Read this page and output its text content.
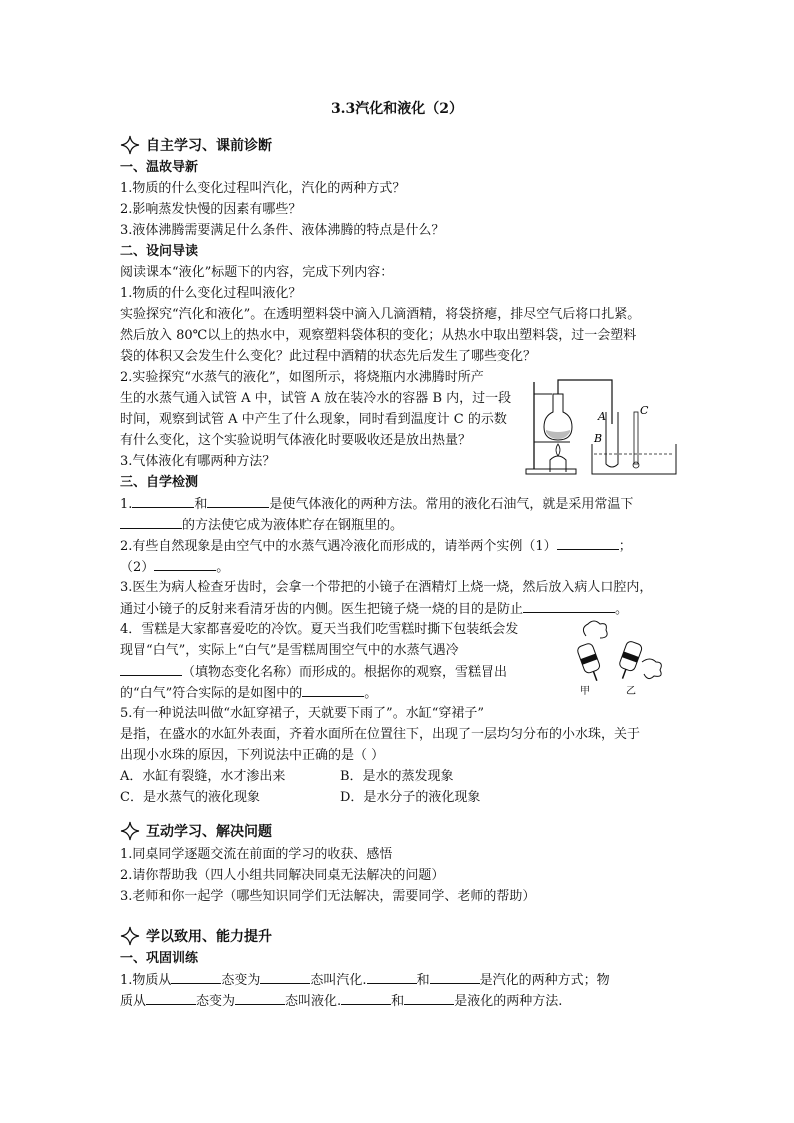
3.3汽化和液化（2）
自主学习、课前诊断
一、温故导新
1.物质的什么变化过程叫汽化，汽化的两种方式？
2.影响蒸发快慢的因素有哪些？
3.液体沸腾需要满足什么条件、液体沸腾的特点是什么？
二、设问导读
阅读课本“液化”标题下的内容，完成下列内容：
1.物质的什么变化过程叫液化？
实验探究“汽化和液化”。在透明塑料袋中滴入几滴酒精，将袋挤瘪，排尽空气后将口扎紧。
然后放入 80℃以上的热水中，观察塑料袋体积的变化；从热水中取出塑料袋，过一会塑料
袋的体积又会发生什么变化？此过程中酒精的状态先后发生了哪些变化？
2.实验探究“水蒸气的液化”，如图所示，将烧瓶内水沸腾时所产
生的水蒸气通入试管 A 中，试管 A 放在装冷水的容器 B 内，过一段
时间，观察到试管 A 中产生了什么现象，同时看到温度计 C 的示数
有什么变化，这个实验说明气体液化时要吸收还是放出热量？
3.气体液化有哪两种方法？
A	C
B
三、自学检测
1.	和	是使气体液化的两种方法。常用的液化石油气，就是采用常温下
的方法使它成为液体贮存在钢瓶里的。
2.有些自然现象是由空气中的水蒸气遇冷液化而形成的，请举两个实例（1）	；
（2）	。
3.医生为病人检查牙齿时，会拿一个带把的小镜子在酒精灯上烧一烧，然后放入病人口腔内，
通过小镜子的反射来看清牙齿的内侧。医生把镜子烧一烧的目的是防止	。
4．雪糕是大家都喜爱吃的冷饮。夏天当我们吃雪糕时撕下包装纸会发
现冒“白气”，实际上“白气”是雪糕周围空气中的水蒸气遇冷
（填物态变化名称）而形成的。根据你的观察，雪糕冒出
的“白气”符合实际的是如图中的	。	甲	乙
5.有一种说法叫做“水缸穿裙子，天就要下雨了”。水缸“穿裙子”
是指，在盛水的水缸外表面，齐着水面所在位置往下，出现了一层均匀分布的小水珠，关于
出现小水珠的原因，下列说法中正确的是（ ）
A．水缸有裂缝，水才渗出来	B．是水的蒸发现象
C．是水蒸气的液化现象	D．是水分子的液化现象
互动学习、解决问题
1.同桌同学逐题交流在前面的学习的收获、感悟
2.请你帮助我（四人小组共同解决同桌无法解决的问题）
3.老师和你一起学（哪些知识同学们无法解决，需要同学、老师的帮助）
学以致用、能力提升
一、巩固训练
1.物质从	态变为	态叫汽化.	和	是汽化的两种方式；物
质从	态变为	态叫液化.	和	是液化的两种方法.
